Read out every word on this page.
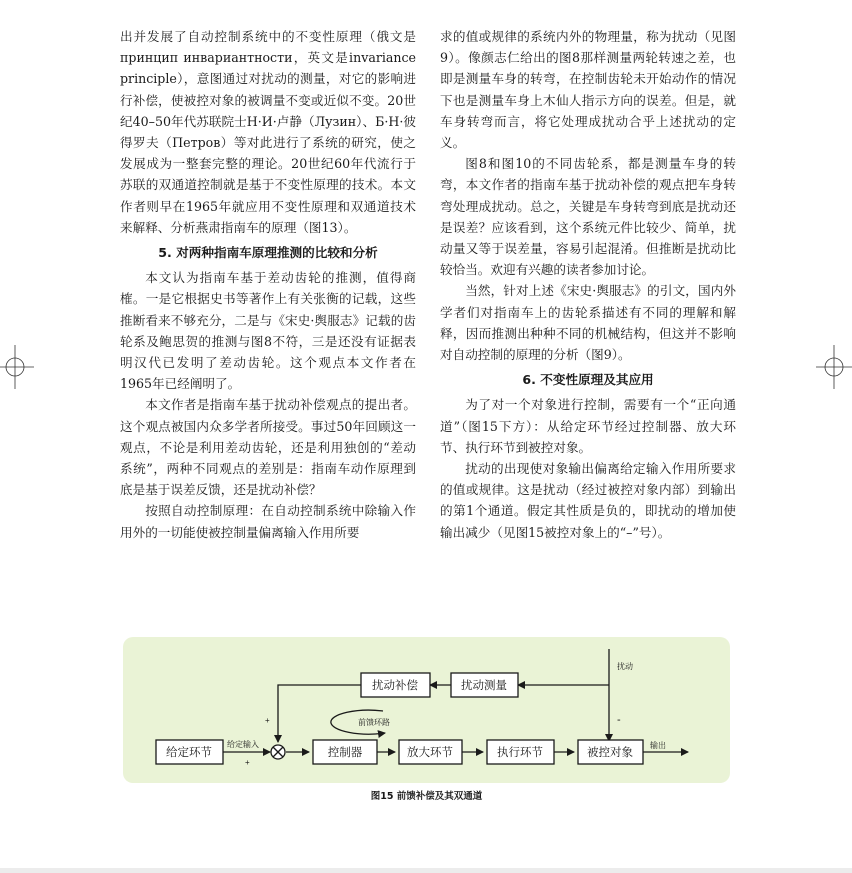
出并发展了自动控制系统中的不变性原理（俄文是 принцип инвариантности，英文是invariance principle），意图通过对扰动的测量，对它的影响进行补偿，使被控对象的被调量不变或近似不变。20世纪40–50年代苏联院士Н·И·卢静（Лузин）、Б·Н·彼得罗夫（Петров）等对此进行了系统的研究，使之发展成为一整套完整的理论。20世纪60年代流行于苏联的双通道控制就是基于不变性原理的技术。本文作者则早在1965年就应用不变性原理和双通道技术来解释、分析燕肃指南车的原理（图13）。

5. 对两种指南车原理推测的比较和分析

本文认为指南车基于差动齿轮的推测，值得商榷。一是它根据史书等著作上有关张衡的记载，这些推断看来不够充分，二是与《宋史·舆服志》记载的齿轮系及鲍思贺的推测与图8不符，三是还没有证据表明汉代已发明了差动齿轮。这个观点本文作者在1965年已经阐明了。

本文作者是指南车基于扰动补偿观点的提出者。这个观点被国内众多学者所接受。事过50年回顾这一观点，不论是利用差动齿轮，还是利用独创的“差动系统”，两种不同观点的差别是：指南车动作原理到底是基于误差反馈，还是扰动补偿？

按照自动控制原理：在自动控制系统中除输入作用外的一切能使被控制量偏离输入作用所要

求的值或规律的系统内外的物理量，称为扰动（见图9）。像颜志仁给出的图8那样测量两轮转速之差，也即是测量车身的转弯，在控制齿轮未开始动作的情况下也是测量车身上木仙人指示方向的误差。但是，就车身转弯而言，将它处理成扰动合乎上述扰动的定义。

图8和图10的不同齿轮系，都是测量车身的转弯，本文作者的指南车基于扰动补偿的观点把车身转弯处理成扰动。总之，关键是车身转弯到底是扰动还是误差？应该看到，这个系统元件比较少、简单，扰动量又等于误差量，容易引起混淆。但推断是扰动比较恰当。欢迎有兴趣的读者参加讨论。

当然，针对上述《宋史·舆服志》的引文，国内外学者们对指南车上的齿轮系描述有不同的理解和解释，因而推测出种种不同的机械结构，但这并不影响对自动控制的原理的分析（图9）。

6. 不变性原理及其应用

为了对一个对象进行控制，需要有一个“正向通道”（图15下方）：从给定环节经过控制器、放大环节、执行环节到被控对象。

扰动的出现使对象输出偏离给定输入作用所要求的值或规律。这是扰动（经过被控对象内部）到输出的第1个通道。假定其性质是负的，即扰动的增加使输出减少（见图15被控对象上的“–”号）。

给定环节	控制器	放大环节	执行环节	被控对象
扰动补偿	扰动测量
给定输入
扰动
输出
前馈环路
+
+
-
图15 前馈补偿及其双通道
